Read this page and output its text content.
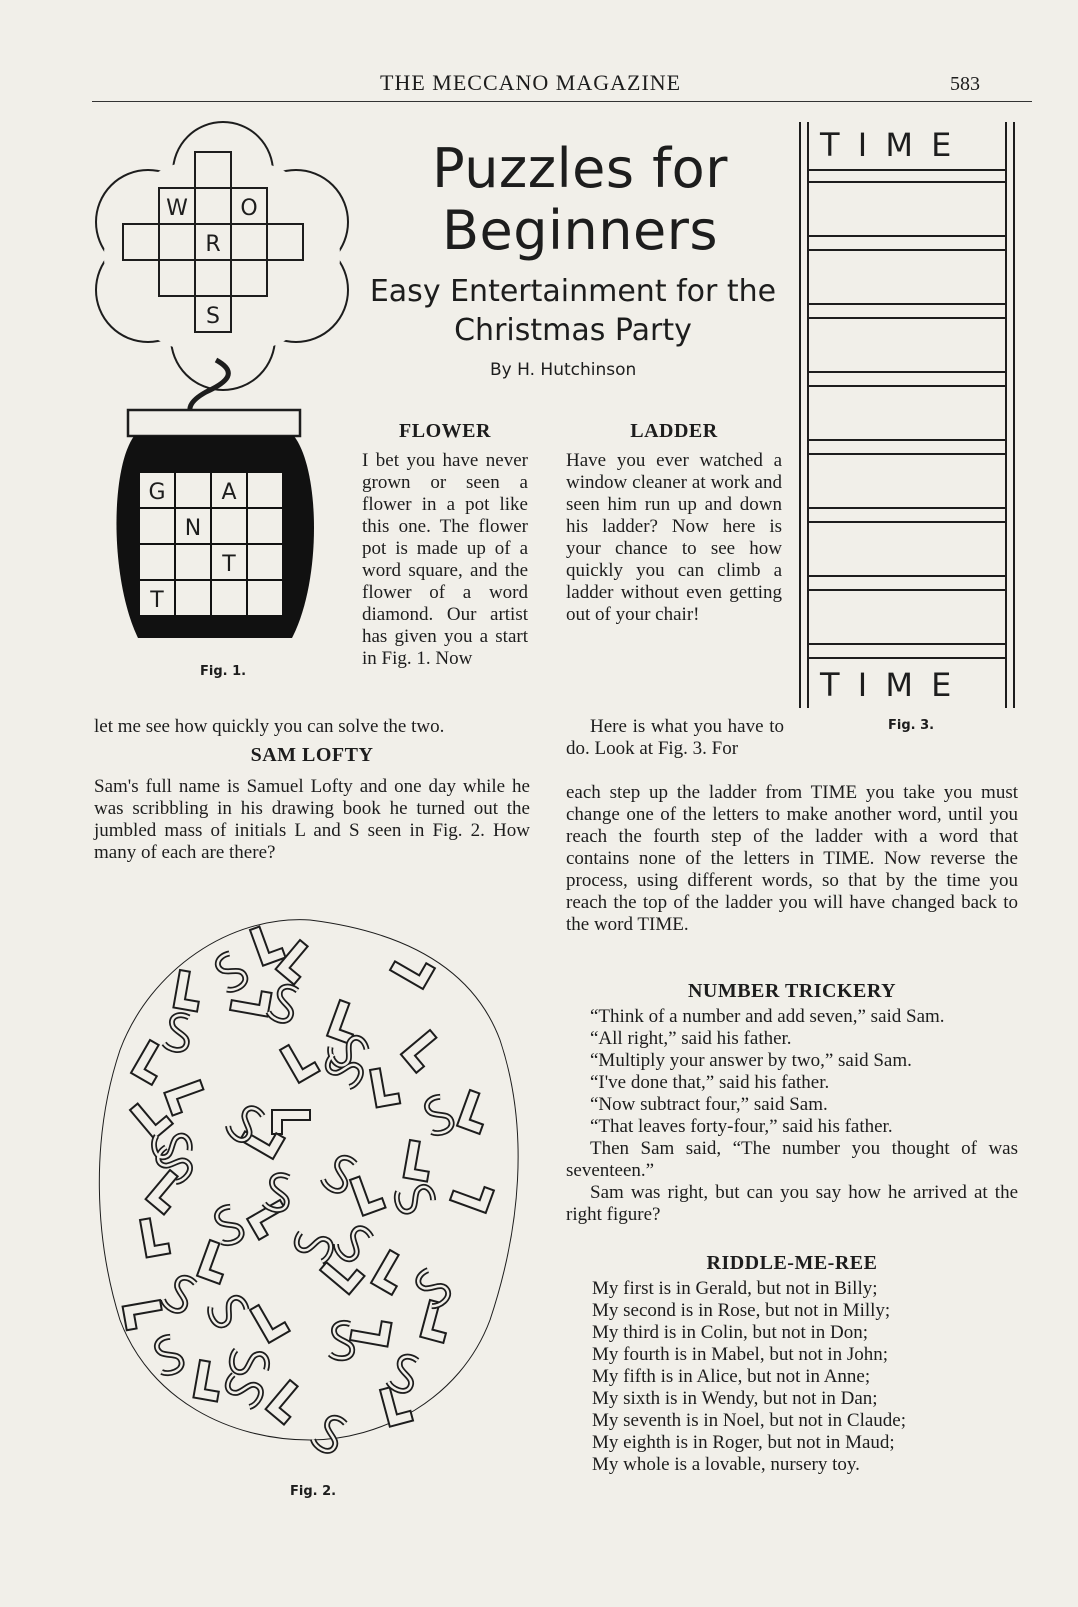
THE MECCANO MAGAZINE	583
Puzzles for
Beginners
Easy Entertainment for the
Christmas Party
By H. Hutchinson
W O
R
S
G	A
N
T
T
Fig. 1.
FLOWER

I bet you have never grown or seen a flower in a pot like this one. The flower pot is made up of a word square, and the flower of a word diamond. Our artist has given you a start in Fig. 1. Now

let me see how quickly you can solve the two.

SAM LOFTY

Sam's full name is Samuel Lofty and one day while he was scribbling in his drawing book he turned out the jumbled mass of initials L and S seen in Fig. 2. How many of each are there?

Fig. 2.
LADDER

Have you ever watched a window cleaner at work and seen him run up and down his ladder? Now here is your chance to see how quickly you can climb a ladder without even getting out of your chair!

Here is what you have to do. Look at Fig. 3. For

each step up the ladder from TIME you take you must change one of the letters to make another word, until you reach the fourth step of the ladder with a word that contains none of the letters in TIME. Now reverse the process, using different words, so that by the time you reach the top of the ladder you will have changed back to the word TIME.

T I M E
T I M E
Fig. 3.
NUMBER TRICKERY

“Think of a number and add seven,” said Sam.

“All right,” said his father.

“Multiply your answer by two,” said Sam.

“I've done that,” said his father.

“Now subtract four,” said Sam.

“That leaves forty-four,” said his father.

Then Sam said, “The number you thought of was seventeen.”

Sam was right, but can you say how he arrived at the right figure?

RIDDLE-ME-REE
My first is in Gerald, but not in Billy;
My second is in Rose, but not in Milly;
My third is in Colin, but not in Don;
My fourth is in Mabel, but not in John;
My fifth is in Alice, but not in Anne;
My sixth is in Wendy, but not in Dan;
My seventh is in Noel, but not in Claude;
My eighth is in Roger, but not in Maud;
My whole is a lovable, nursery toy.
